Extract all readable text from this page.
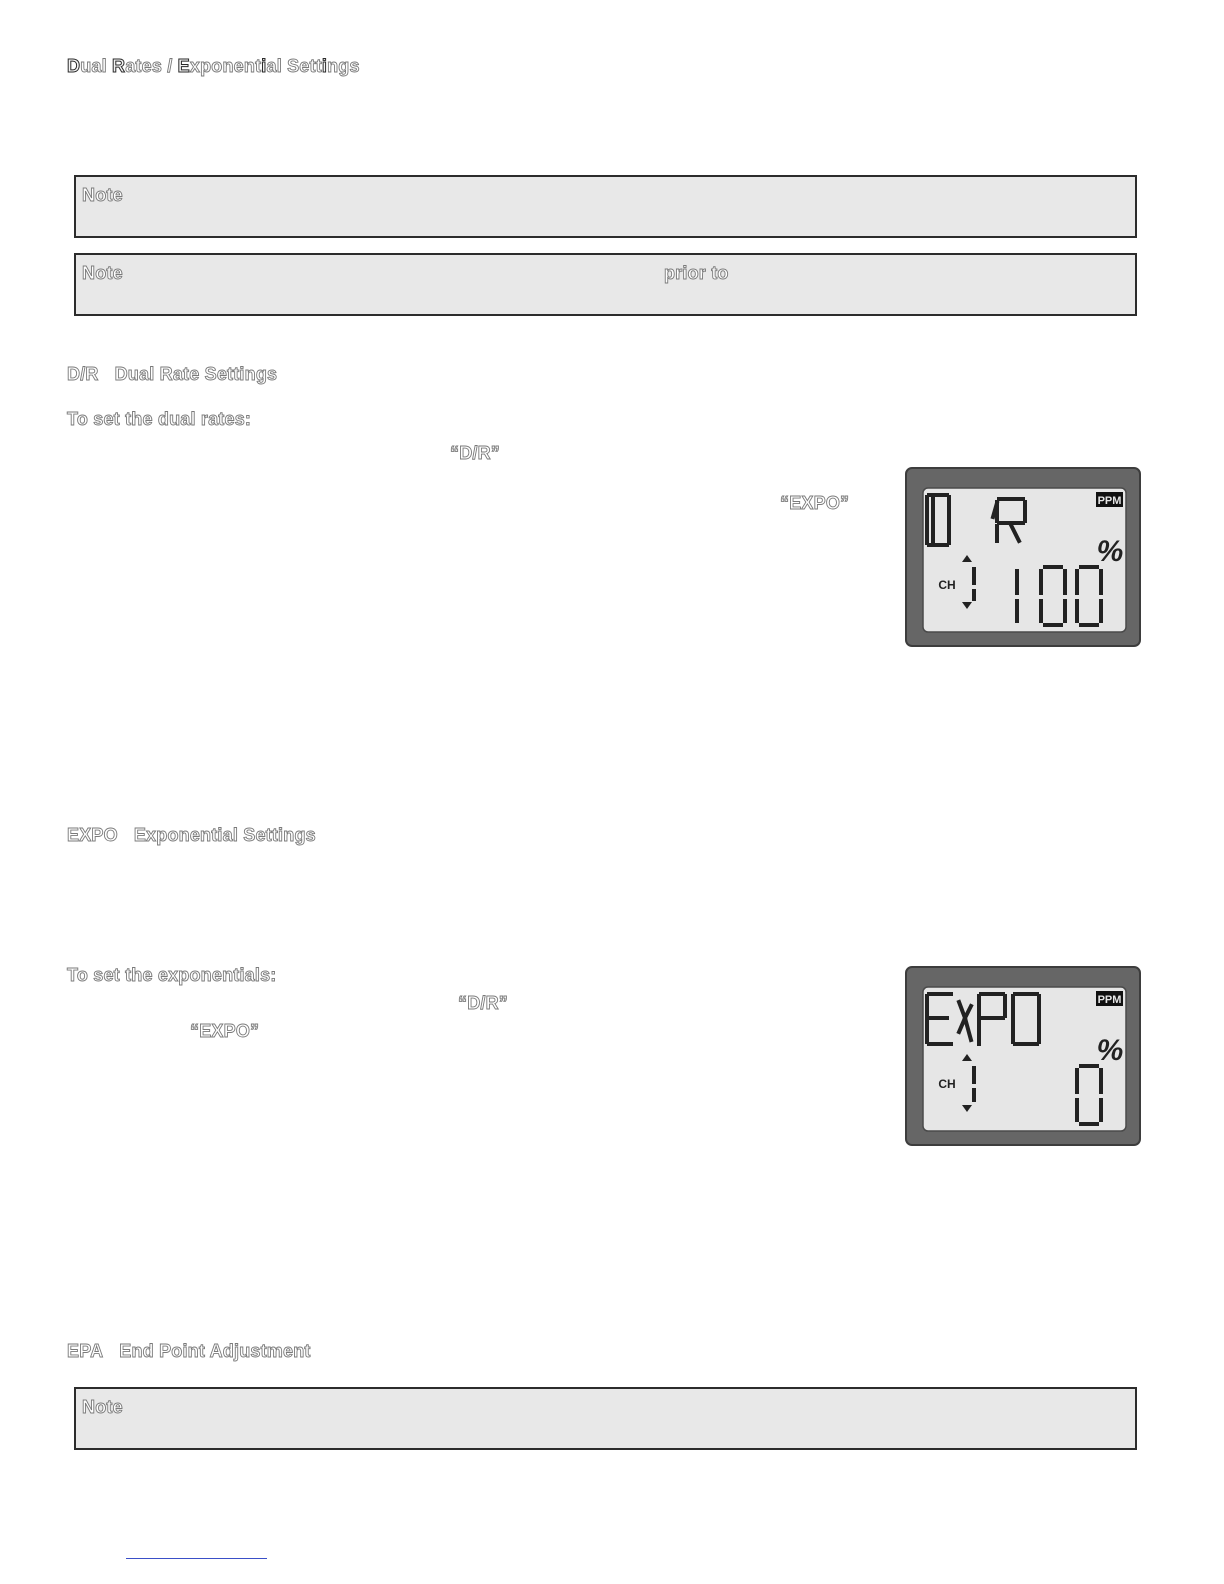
Dual Rates / Exponential Settings
Note
Note	prior to
D/R Dual Rate Settings
To set the dual rates:
“D/R”
“EXPO”	PPM
%
CH
EXPO Exponential Settings
To set the exponentials:
“D/R”
“EXPO”
PPM
%
CH
EPA End Point Adjustment
Note
